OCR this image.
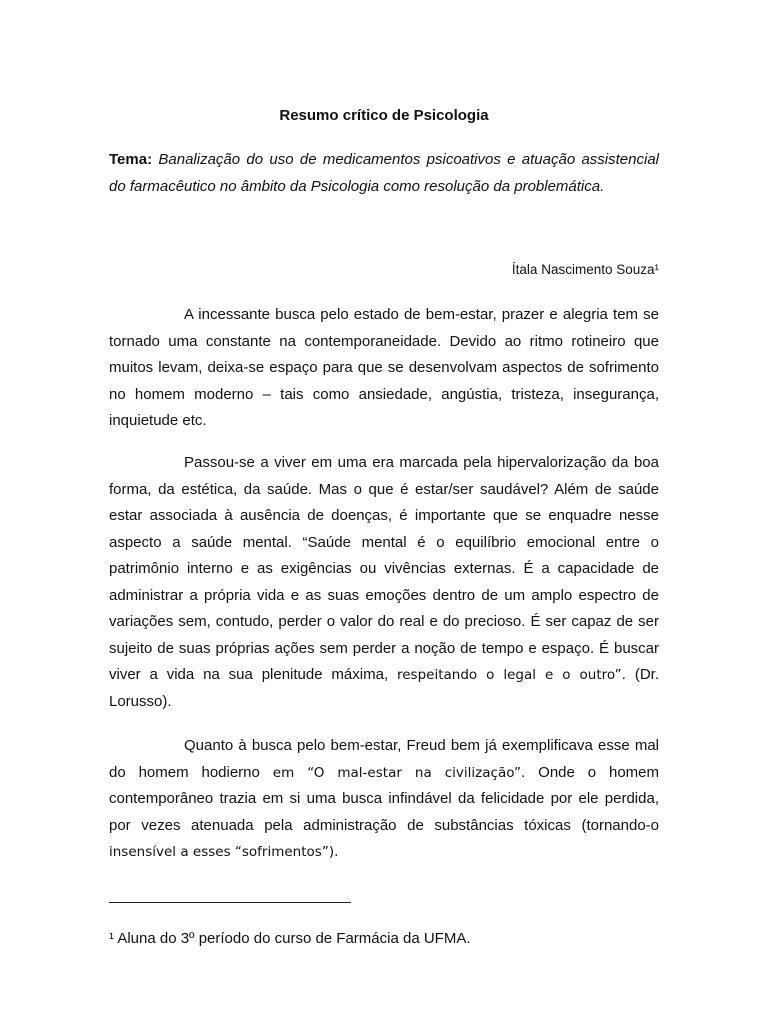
Resumo crítico de Psicologia
Tema: Banalização do uso de medicamentos psicoativos e atuação assistencial do farmacêutico no âmbito da Psicologia como resolução da problemática.
Ítala Nascimento Souza¹

A incessante busca pelo estado de bem-estar, prazer e alegria tem se tornado uma constante na contemporaneidade. Devido ao ritmo rotineiro que muitos levam, deixa-se espaço para que se desenvolvam aspectos de sofrimento no homem moderno – tais como ansiedade, angústia, tristeza, insegurança, inquietude etc.

Passou-se a viver em uma era marcada pela hipervalorização da boa forma, da estética, da saúde. Mas o que é estar/ser saudável? Além de saúde estar associada à ausência de doenças, é importante que se enquadre nesse aspecto a saúde mental. “Saúde mental é o equilíbrio emocional entre o patrimônio interno e as exigências ou vivências externas. É a capacidade de administrar a própria vida e as suas emoções dentro de um amplo espectro de variações sem, contudo, perder o valor do real e do precioso. É ser capaz de ser sujeito de suas próprias ações sem perder a noção de tempo e espaço. É buscar viver a vida na sua plenitude máxima, respeitando o legal e o outro”. (Dr. Lorusso).

Quanto à busca pelo bem-estar, Freud bem já exemplificava esse mal do homem hodierno em “O mal-estar na civilização”. Onde o homem contemporâneo trazia em si uma busca infindável da felicidade por ele perdida, por vezes atenuada pela administração de substâncias tóxicas (tornando-o insensível a esses “sofrimentos”).

¹ Aluna do 3º período do curso de Farmácia da UFMA.
